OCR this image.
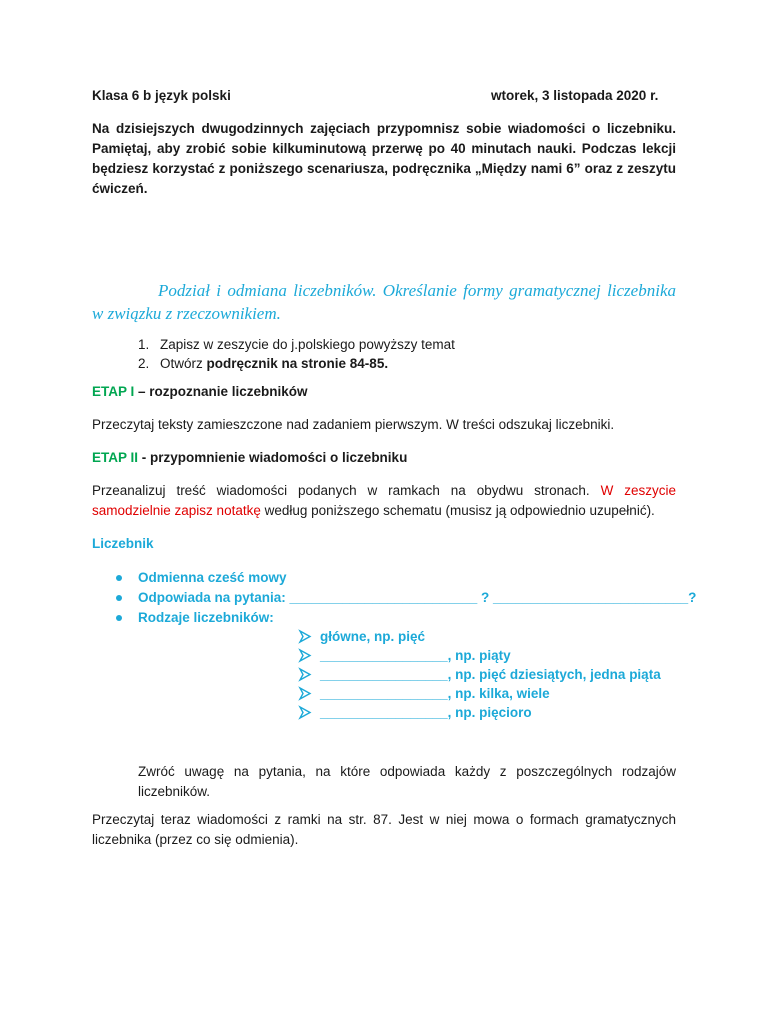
Klasa 6 b język polski	wtorek, 3 listopada 2020 r.
Na dzisiejszych dwugodzinnych zajęciach przypomnisz sobie wiadomości o liczebniku. Pamiętaj, aby zrobić sobie kilkuminutową przerwę po 40 minutach nauki. Podczas lekcji będziesz korzystać z poniższego scenariusza, podręcznika „Między nami 6” oraz z zeszytu ćwiczeń.
Podział i odmiana liczebników. Określanie formy gramatycznej liczebnika w związku z rzeczownikiem.
1. Zapisz w zeszycie do j.polskiego powyższy temat
2. Otwórz podręcznik na stronie 84-85.
ETAP I – rozpoznanie liczebników
Przeczytaj teksty zamieszczone nad zadaniem pierwszym. W treści odszukaj liczebniki.
ETAP II - przypomnienie wiadomości o liczebniku
Przeanalizuj treść wiadomości podanych w ramkach na obydwu stronach. W zeszycie samodzielnie zapisz notatkę według poniższego schematu (musisz ją odpowiednio uzupełnić).
Liczebnik
Odmienna cześć mowy
Odpowiada na pytania: _________________________ ? __________________________?
Rodzaje liczebników:
główne, np. pięć
_________________, np. piąty
_________________, np. pięć dziesiątych, jedna piąta
_________________, np. kilka, wiele
_________________, np. pięcioro
Zwróć uwagę na pytania, na które odpowiada każdy z poszczególnych rodzajów liczebników.
Przeczytaj teraz wiadomości z ramki na str. 87. Jest w niej mowa o formach gramatycznych liczebnika (przez co się odmienia).
